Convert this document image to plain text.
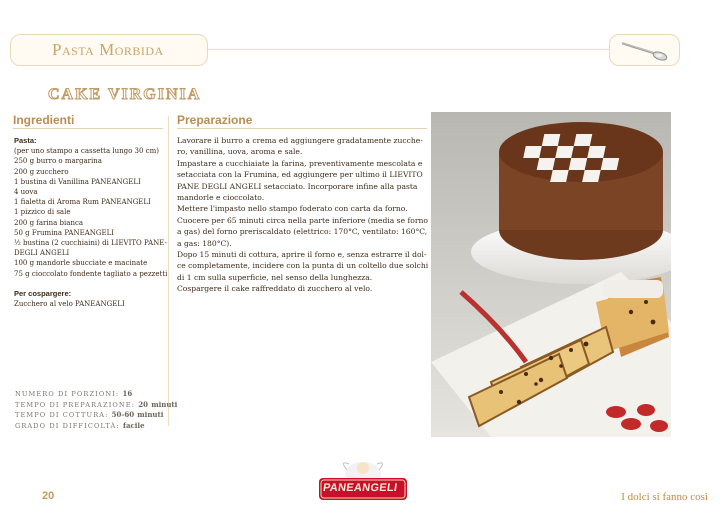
Pasta Morbida
CAKE VIRGINIA
Ingredienti	Preparazione
Pasta:
(per uno stampo a cassetta lungo 30 cm)
250 g burro o margarina
200 g zucchero
1 bustina di Vanillina PANEANGELI
4 uova
1 fialetta di Aroma Rum PANEANGELI
1 pizzico di sale
200 g farina bianca
50 g Frumina PANEANGELI
½ bustina (2 cucchiaini) di LIEVITO PANE-
DEGLI ANGELI
100 g mandorle sbucciate e macinate
75 g cioccolato fondente tagliato a pezzetti
Per cospargere:
Zucchero al velo PANEANGELI

Lavorare il burro a crema ed aggiungere gradatamente zucche-ro, vanillina, uova, aroma e sale.

Impastare a cucchiaiate la farina, preventivamente mescolata e setacciata con la Frumina, ed aggiungere per ultimo il LIEVITO PANE DEGLI ANGELI setacciato. Incorporare infine alla pasta mandorle e cioccolato.

Mettere l'impasto nello stampo foderato con carta da forno.

Cuocere per 65 minuti circa nella parte inferiore (media se forno a gas) del forno preriscaldato (elettrico: 170°C, ventilato: 160°C, a gas: 180°C).

Dopo 15 minuti di cottura, aprire il forno e, senza estrarre il dol-ce completamente, incidere con la punta di un coltello due solchi di 1 cm sulla superficie, nel senso della lunghezza.

Cospargere il cake raffreddato di zucchero al velo.

NUMERO DI PORZIONI: 16
TEMPO DI PREPARAZIONE: 20 minuti
TEMPO DI COTTURA: 50-60 minuti
GRADO DI DIFFICOLTÀ: facile
20
PANEANGELI
I dolci si fanno così
